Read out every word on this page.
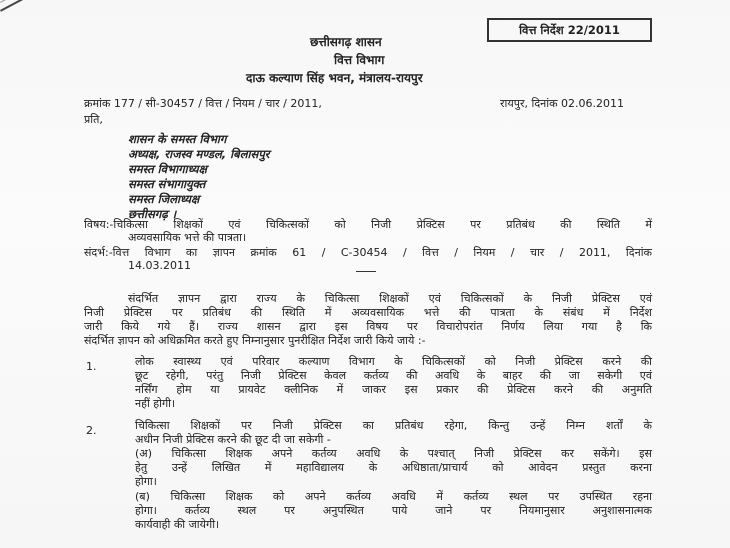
वित्त निर्देश 22/2011
छत्तीसगढ़ शासन
वित्त विभाग
दाऊ कल्याण सिंह भवन, मंत्रालय-रायपुर
क्रमांक 177 / सी-30457 / वित्त / नियम / चार / 2011,	रायपुर, दिनांक 02.06.2011
प्रति,
शासन के समस्त विभाग
अध्यक्ष, राजस्व मण्डल, बिलासपुर
समस्त विभागाध्यक्ष
समस्त संभागायुक्त
समस्त जिलाध्यक्ष
छत्तीसगढ़ ।
विषय:-चिकित्सा शिक्षकों एवं चिकित्सकों को निजी प्रेक्टिस पर प्रतिबंध की स्थिति में
अव्यवसायिक भत्ते की पात्रता।
संदर्भ:-वित्त विभाग का ज्ञापन क्रमांक 61 / C-30454 / वित्त / नियम / चार / 2011, दिनांक
14.03.2011
संदर्भित ज्ञापन द्वारा राज्य के चिकित्सा शिक्षकों एवं चिकित्सकों के निजी प्रेक्टिस एवं
निजी प्रेक्टिस पर प्रतिबंध की स्थिति में अव्यवसायिक भत्ते की पात्रता के संबंध में निर्देश
जारी किये गये हैं। राज्य शासन द्वारा इस विषय पर विचारोपरांत निर्णय लिया गया है कि
संदर्भित ज्ञापन को अधिक्रमित करते हुए निम्नानुसार पुनरीक्षित निर्देश जारी किये जाये :-
1.	लोक स्वास्थ्य एवं परिवार कल्याण विभाग के चिकित्सकों को निजी प्रेक्टिस करने की
छूट रहेगी, परंतु निजी प्रेक्टिस केवल कर्तव्य की अवधि के बाहर की जा सकेगी एवं
नर्सिंग होम या प्रायवेट क्लीनिक में जाकर इस प्रकार की प्रेक्टिस करने की अनुमति
नहीं होगी।
2.	चिकित्सा शिक्षकों पर निजी प्रेक्टिस का प्रतिबंध रहेगा, किन्तु उन्हें निम्न शर्तों के
अधीन निजी प्रेक्टिस करने की छूट दी जा सकेगी -
(अ) चिकित्सा शिक्षक अपने कर्तव्य अवधि के पश्चात् निजी प्रेक्टिस कर सकेंगे। इस
हेतु उन्हें लिखित में महाविद्यालय के अधिष्ठाता/प्राचार्य को आवेदन प्रस्तुत करना
होगा।
(ब) चिकित्सा शिक्षक को अपने कर्तव्य अवधि में कर्तव्य स्थल पर उपस्थित रहना
होगा। कर्तव्य स्थल पर अनुपस्थित पाये जाने पर नियमानुसार अनुशासनात्मक
कार्यवाही की जायेगी।
